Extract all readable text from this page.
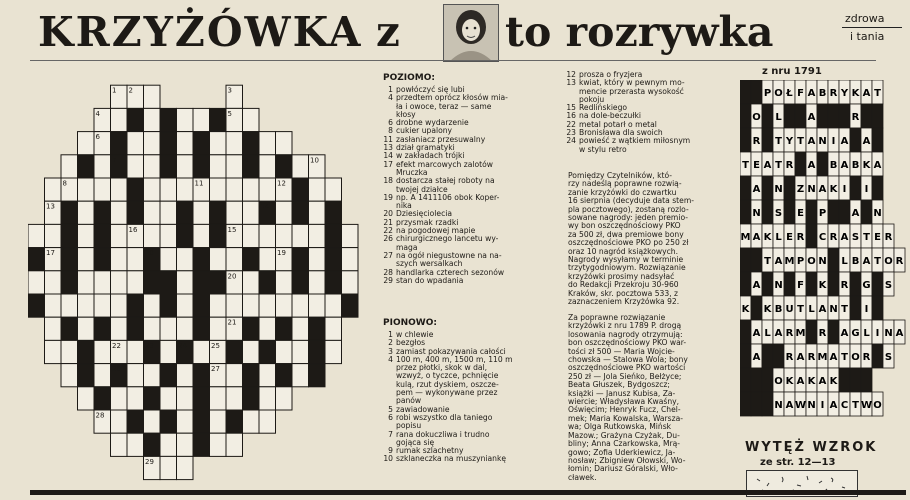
KRZYŻÓWKA z	to rozrywka	zdrowa
i tania
1 2	3
4	5
6
7	9	10
8	11	12
13	14
15
16
17	18	19
20
21
22	23	24	25
26	27
28
29
POZIOMO:
1 powłóczyć się lubi
4 przedtem oprócz kłosów mia-
ła i owoce, teraz — same
kłosy
6 drobne wydarzenie
8 cukier upalony
11 zasłaniacz przesuwalny
13 dział gramatyki
14 w zakładach trójki
17 efekt marcowych zalotów
Mruczka
18 dostarcza stałej roboty na
twojej działce
19 np. A 1411106 obok Koper-
nika
20 Dziesięciolecia
21 przysmak rzadki
22 na pogodowej mapie
26 chirurgicznego lancetu wy-
maga
27 na ogół niegustowne na na-
szych wersalkach
28 handlarka czterech sezonów
29 stan do wpadania
PIONOWO:
1 w chlewie
2 bezgłos
3 zamiast pokazywania całości
4 100 m, 400 m, 1500 m, 110 m
przez płotki, skok w dal,
wzwyż, o tyczce, pchnięcie
kulą, rzut dyskiem, oszcze-
pem — wykonywane przez
panów
5 zawiadowanie
6 robi wszystko dla taniego
popisu
7 rana dokuczliwa i trudno
gojąca się
9 rumak szlachetny
10 szklaneczka na muszyniankę
12 prosza o fryzjera
13 kwiat, który w pewnym mo-
mencie przerasta wysokość
pokoju
15 Redlińskiego
16 na dole-beczułki
22 metal potarł o metal
23 Bronisława dla swoich
24 powieść z wątkiem miłosnym
w stylu retro
Pomiędzy Czytelników, któ-
rzy nadeślą poprawne rozwią-
zanie krzyżówki do czwartku
16 sierpnia (decyduje data stem-
pla pocztowego), zostaną rozlo-
sowane nagrody: jeden premio-
wy bon oszczędnościowy PKO
za 500 zł, dwa premiowe bony
oszczędnościowe PKO po 250 zł
oraz 10 nagród książkowych.
Nagrody wysyłamy w terminie
trzytygodniowym. Rozwiązanie
krzyżówki prosimy nadsyłać
do Redakcji Przekroju 30-960
Kraków, skr. pocztowa 533, z
zaznaczeniem Krzyżówka 92.
Za poprawne rozwiązanie
krzyżówki z nru 1789 P. drogą
losowania nagrody otrzymują:
bon oszczędnościowy PKO war-
tości zł 500 — Maria Wojcie-
chowska — Stalowa Wola; bony
oszczędnościowe PKO wartości
250 zł — Jola Sieńko, Bełżyce;
Beata Głuszek, Bydgoszcz;
książki — Janusz Kubisa, Za-
wiercie; Władysława Kwaśny,
Oświęcim; Henryk Fucz, Chel-
mek; Maria Kowalska, Warsza-
wa; Olga Rutkowska, Mińsk
Mazow.; Grażyna Czyżak, Du-
bliny; Anna Czarkowska, Mrą-
gowo; Zofia Uderkiewicz, Ja-
nosław; Zbigniew Ołowski, Wo-
łomin; Dariusz Góralski, Wło-
cławek.
z nru 1791
P O Ł F A B R Y K A T
O L	A	R
R T Y T A N I A A
T E A T R A B A B K A
A N Z N A K I I
N S E P	A N
M A K L E R C R A S T E R
T A M P O N L B A T O R
A N F K R G S
K K B U T L A N T I
A L A R M R A G L I N A
A	R A R M A T O R S
O K A K A K
N A W N I A C T W O
WYTĘŻ WZROK
ze str. 12—13
